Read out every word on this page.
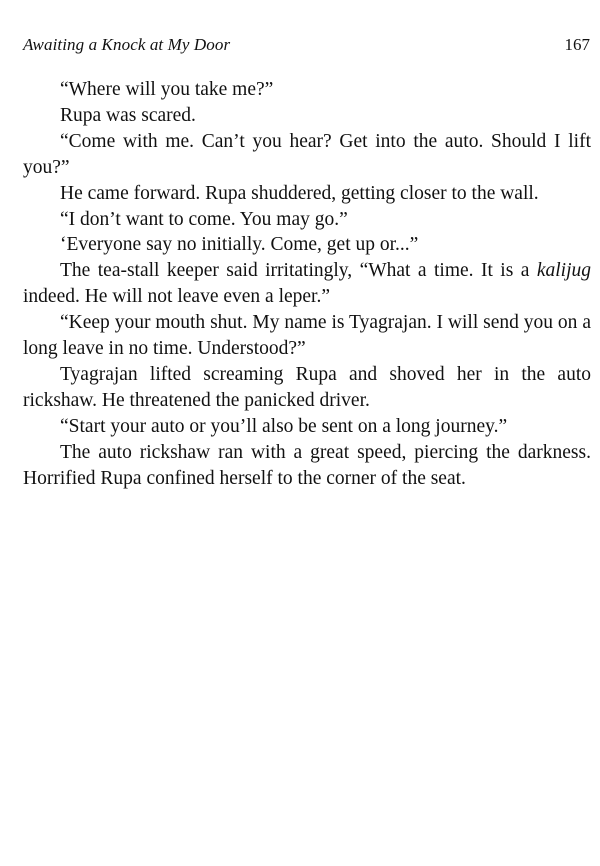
Awaiting a Knock at My Door	167

“Where will you take me?”

Rupa was scared.

“Come with me. Can’t you hear? Get into the auto. Should I lift you?”

He came forward. Rupa shuddered, getting closer to the wall.

“I don’t want to come. You may go.”

‘Everyone say no initially. Come, get up or...”

The tea-stall keeper said irritatingly, “What a time. It is a kalijug indeed. He will not leave even a leper.”

“Keep your mouth shut. My name is Tyagrajan. I will send you on a long leave in no time. Understood?”

Tyagrajan lifted screaming Rupa and shoved her in the auto rickshaw. He threatened the panicked driver.

“Start your auto or you’ll also be sent on a long journey.”

The auto rickshaw ran with a great speed, piercing the darkness. Horrified Rupa confined herself to the corner of the seat.
